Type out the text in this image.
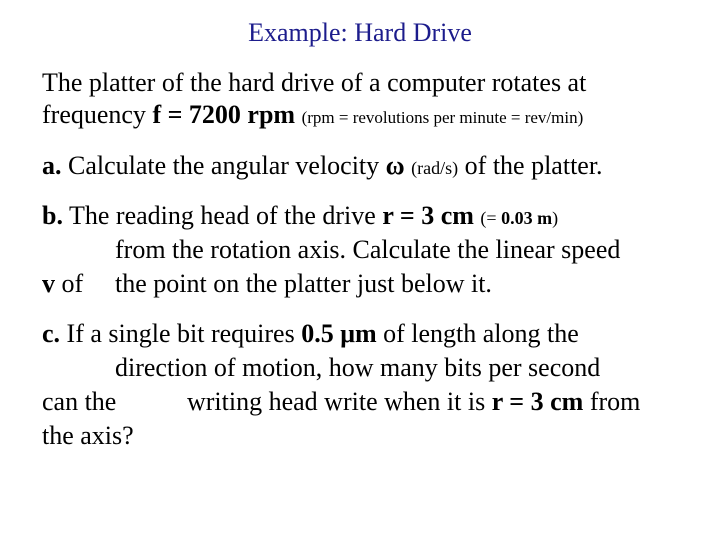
Example: Hard Drive
The platter of the hard drive of a computer rotates at
frequency f = 7200 rpm (rpm = revolutions per minute = rev/min)
a. Calculate the angular velocity ω (rad/s) of the platter.
b. The reading head of the drive r = 3 cm (= 0.03 m)
from the rotation axis. Calculate the linear speed
v of the point on the platter just below it.
c. If a single bit requires 0.5 μm of length along the
direction of motion, how many bits per second
can the	writing head write when it is r = 3 cm from
the axis?
